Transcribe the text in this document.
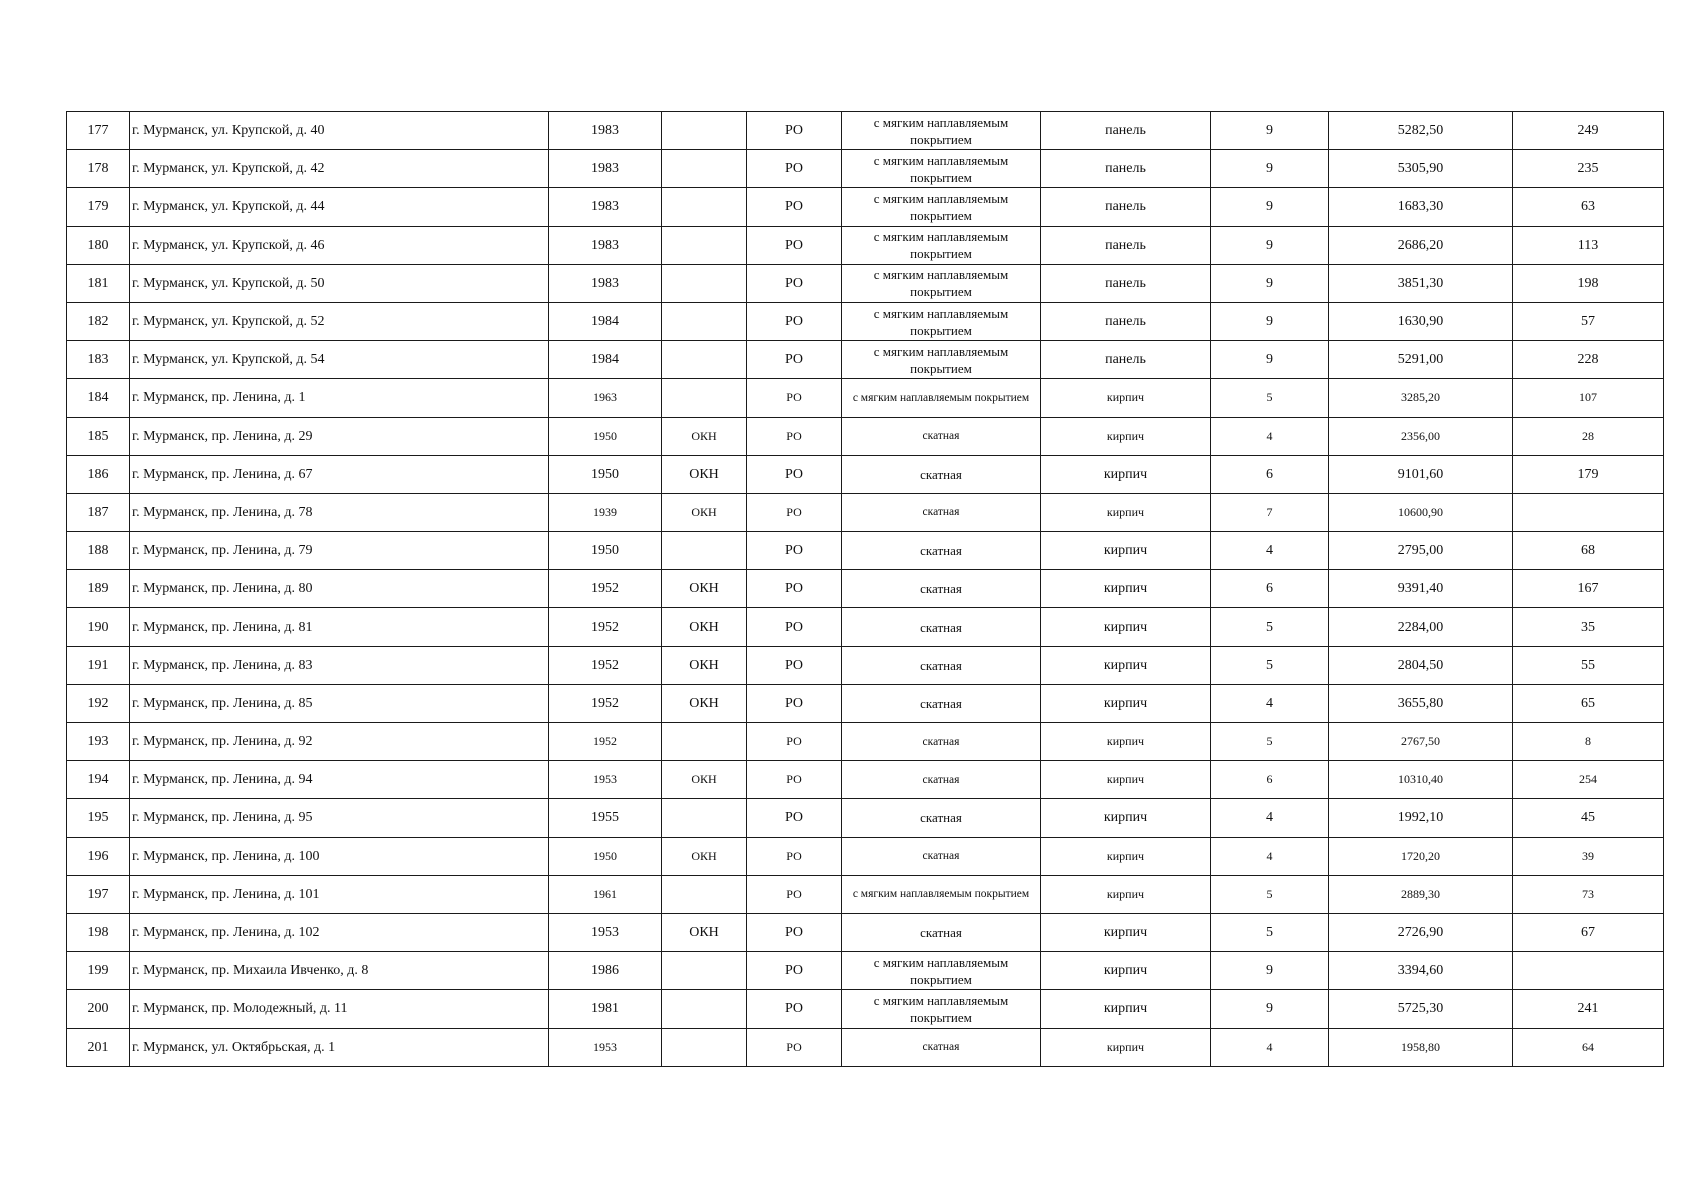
177	г. Мурманск, ул. Крупской, д. 40	1983		РО	с мягким наплавляемым покрытием	панель	9	5282,50	249
178	г. Мурманск, ул. Крупской, д. 42	1983		РО	с мягким наплавляемым покрытием	панель	9	5305,90	235
179	г. Мурманск, ул. Крупской, д. 44	1983		РО	с мягким наплавляемым покрытием	панель	9	1683,30	63
180	г. Мурманск, ул. Крупской, д. 46	1983		РО	с мягким наплавляемым покрытием	панель	9	2686,20	113
181	г. Мурманск, ул. Крупской, д. 50	1983		РО	с мягким наплавляемым покрытием	панель	9	3851,30	198
182	г. Мурманск, ул. Крупской, д. 52	1984		РО	с мягким наплавляемым покрытием	панель	9	1630,90	57
183	г. Мурманск, ул. Крупской, д. 54	1984		РО	с мягким наплавляемым покрытием	панель	9	5291,00	228
184	г. Мурманск, пр. Ленина, д. 1	1963		РО	с мягким наплавляемым покрытием	кирпич	5	3285,20	107
185	г. Мурманск, пр. Ленина, д. 29	1950	ОКН	РО	скатная	кирпич	4	2356,00	28
186	г. Мурманск, пр. Ленина, д. 67	1950	ОКН	РО	скатная	кирпич	6	9101,60	179
187	г. Мурманск, пр. Ленина, д. 78	1939	ОКН	РО	скатная	кирпич	7	10600,90	
188	г. Мурманск, пр. Ленина, д. 79	1950		РО	скатная	кирпич	4	2795,00	68
189	г. Мурманск, пр. Ленина, д. 80	1952	ОКН	РО	скатная	кирпич	6	9391,40	167
190	г. Мурманск, пр. Ленина, д. 81	1952	ОКН	РО	скатная	кирпич	5	2284,00	35
191	г. Мурманск, пр. Ленина, д. 83	1952	ОКН	РО	скатная	кирпич	5	2804,50	55
192	г. Мурманск, пр. Ленина, д. 85	1952	ОКН	РО	скатная	кирпич	4	3655,80	65
193	г. Мурманск, пр. Ленина, д. 92	1952		РО	скатная	кирпич	5	2767,50	8
194	г. Мурманск, пр. Ленина, д. 94	1953	ОКН	РО	скатная	кирпич	6	10310,40	254
195	г. Мурманск, пр. Ленина, д. 95	1955		РО	скатная	кирпич	4	1992,10	45
196	г. Мурманск, пр. Ленина, д. 100	1950	ОКН	РО	скатная	кирпич	4	1720,20	39
197	г. Мурманск, пр. Ленина, д. 101	1961		РО	с мягким наплавляемым покрытием	кирпич	5	2889,30	73
198	г. Мурманск, пр. Ленина, д. 102	1953	ОКН	РО	скатная	кирпич	5	2726,90	67
199	г. Мурманск, пр. Михаила Ивченко, д. 8	1986		РО	с мягким наплавляемым покрытием	кирпич	9	3394,60	
200	г. Мурманск, пр. Молодежный, д. 11	1981		РО	с мягким наплавляемым покрытием	кирпич	9	5725,30	241
201	г. Мурманск, ул. Октябрьская, д. 1	1953		РО	скатная	кирпич	4	1958,80	64
